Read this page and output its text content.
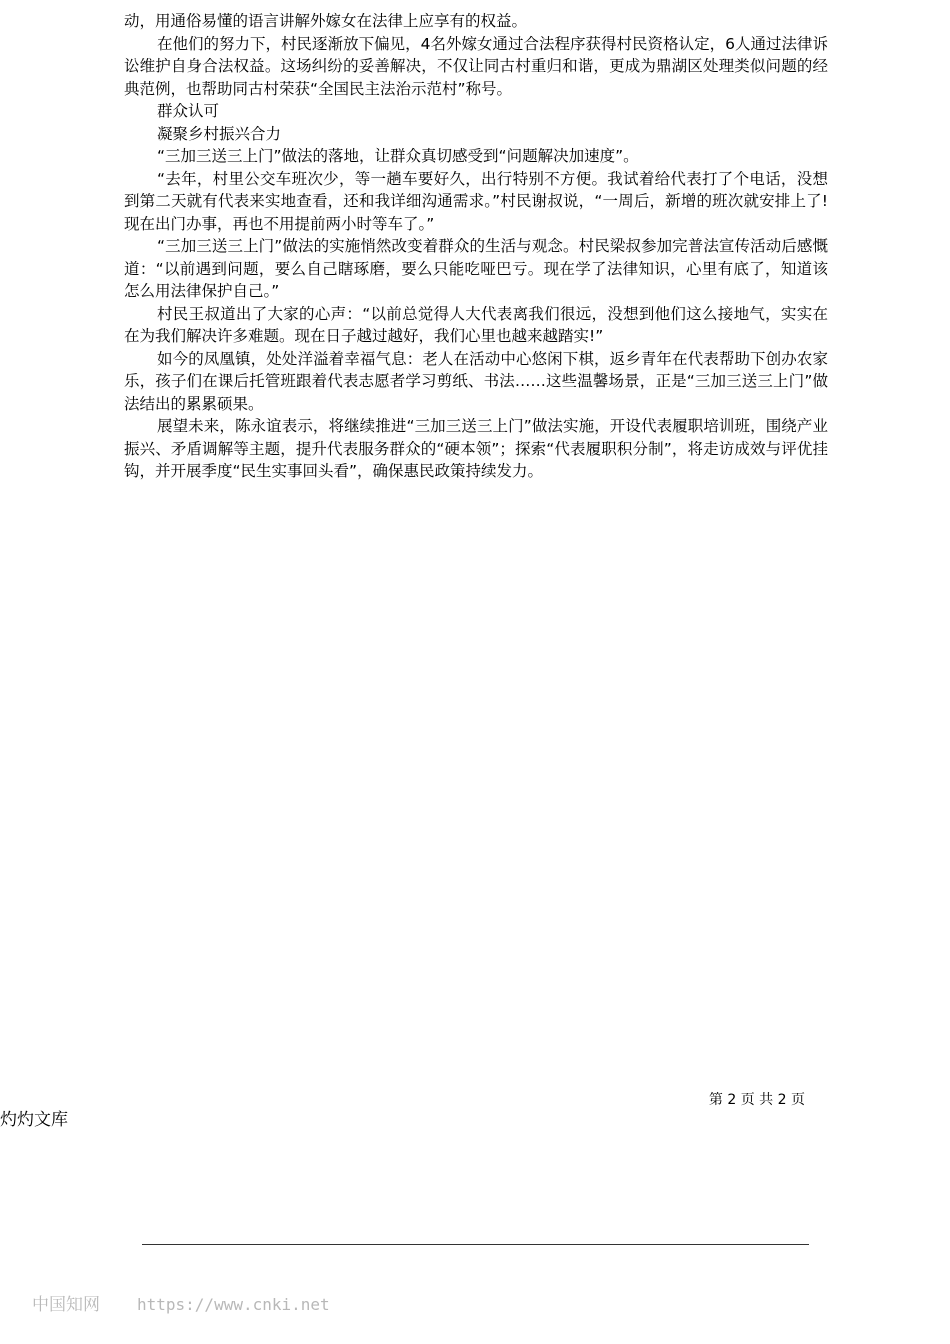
动，用通俗易懂的语言讲解外嫁女在法律上应享有的权益。

在他们的努力下，村民逐渐放下偏见，4名外嫁女通过合法程序获得村民资格认定，6人通过法律诉讼维护自身合法权益。这场纠纷的妥善解决，不仅让同古村重归和谐，更成为鼎湖区处理类似问题的经典范例，也帮助同古村荣获“全国民主法治示范村”称号。

群众认可

凝聚乡村振兴合力

“三加三送三上门”做法的落地，让群众真切感受到“问题解决加速度”。

“去年，村里公交车班次少，等一趟车要好久，出行特别不方便。我试着给代表打了个电话，没想到第二天就有代表来实地查看，还和我详细沟通需求。”村民谢叔说，“一周后，新增的班次就安排上了!现在出门办事，再也不用提前两小时等车了。”

“三加三送三上门”做法的实施悄然改变着群众的生活与观念。村民梁叔参加完普法宣传活动后感慨道：“以前遇到问题，要么自己瞎琢磨，要么只能吃哑巴亏。现在学了法律知识，心里有底了，知道该怎么用法律保护自己。”

村民王叔道出了大家的心声：“以前总觉得人大代表离我们很远，没想到他们这么接地气，实实在在为我们解决许多难题。现在日子越过越好，我们心里也越来越踏实!”

如今的凤凰镇，处处洋溢着幸福气息：老人在活动中心悠闲下棋，返乡青年在代表帮助下创办农家乐，孩子们在课后托管班跟着代表志愿者学习剪纸、书法……这些温馨场景，正是“三加三送三上门”做法结出的累累硕果。

展望未来，陈永谊表示，将继续推进“三加三送三上门”做法实施，开设代表履职培训班，围绕产业振兴、矛盾调解等主题，提升代表服务群众的“硬本领”；探索“代表履职积分制”，将走访成效与评优挂钩，并开展季度“民生实事回头看”，确保惠民政策持续发力。

第 2 页 共 2 页
灼灼文库
中国知网 https://www.cnki.net
